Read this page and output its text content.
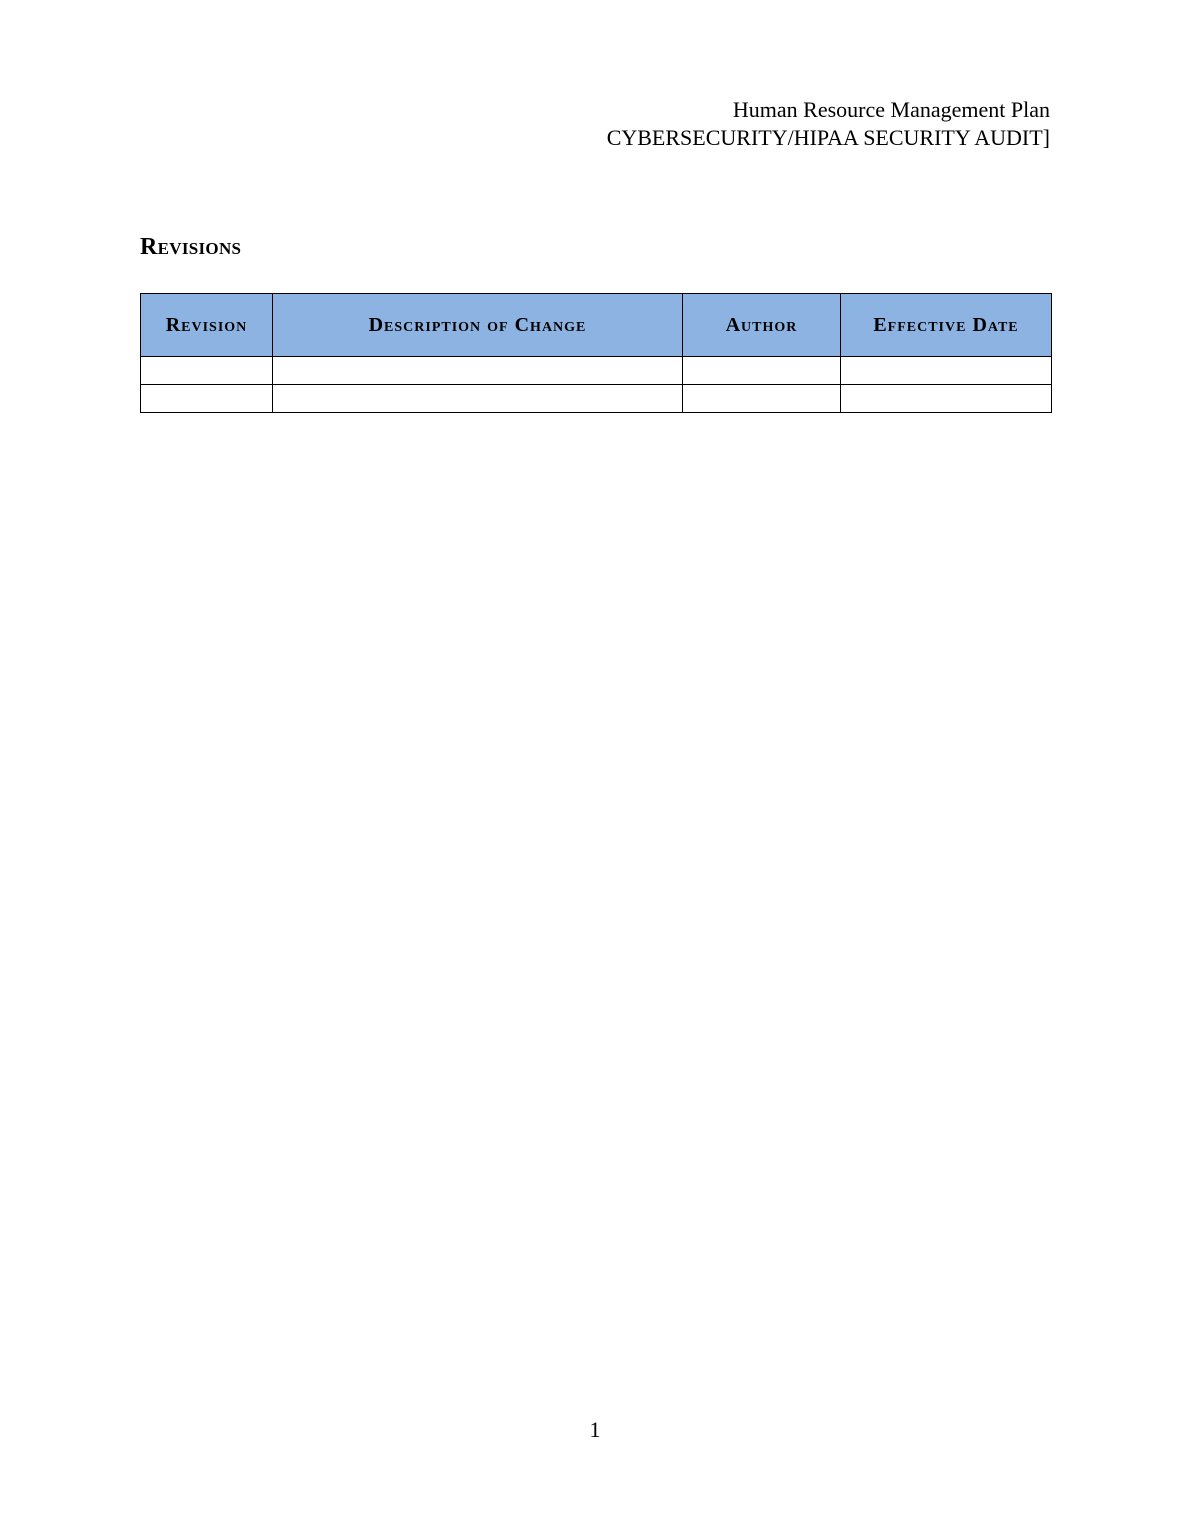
Human Resource Management Plan
CYBERSECURITY/HIPAA SECURITY AUDIT]
Revisions
Revision	Description of Change	Author	Effective Date

1
